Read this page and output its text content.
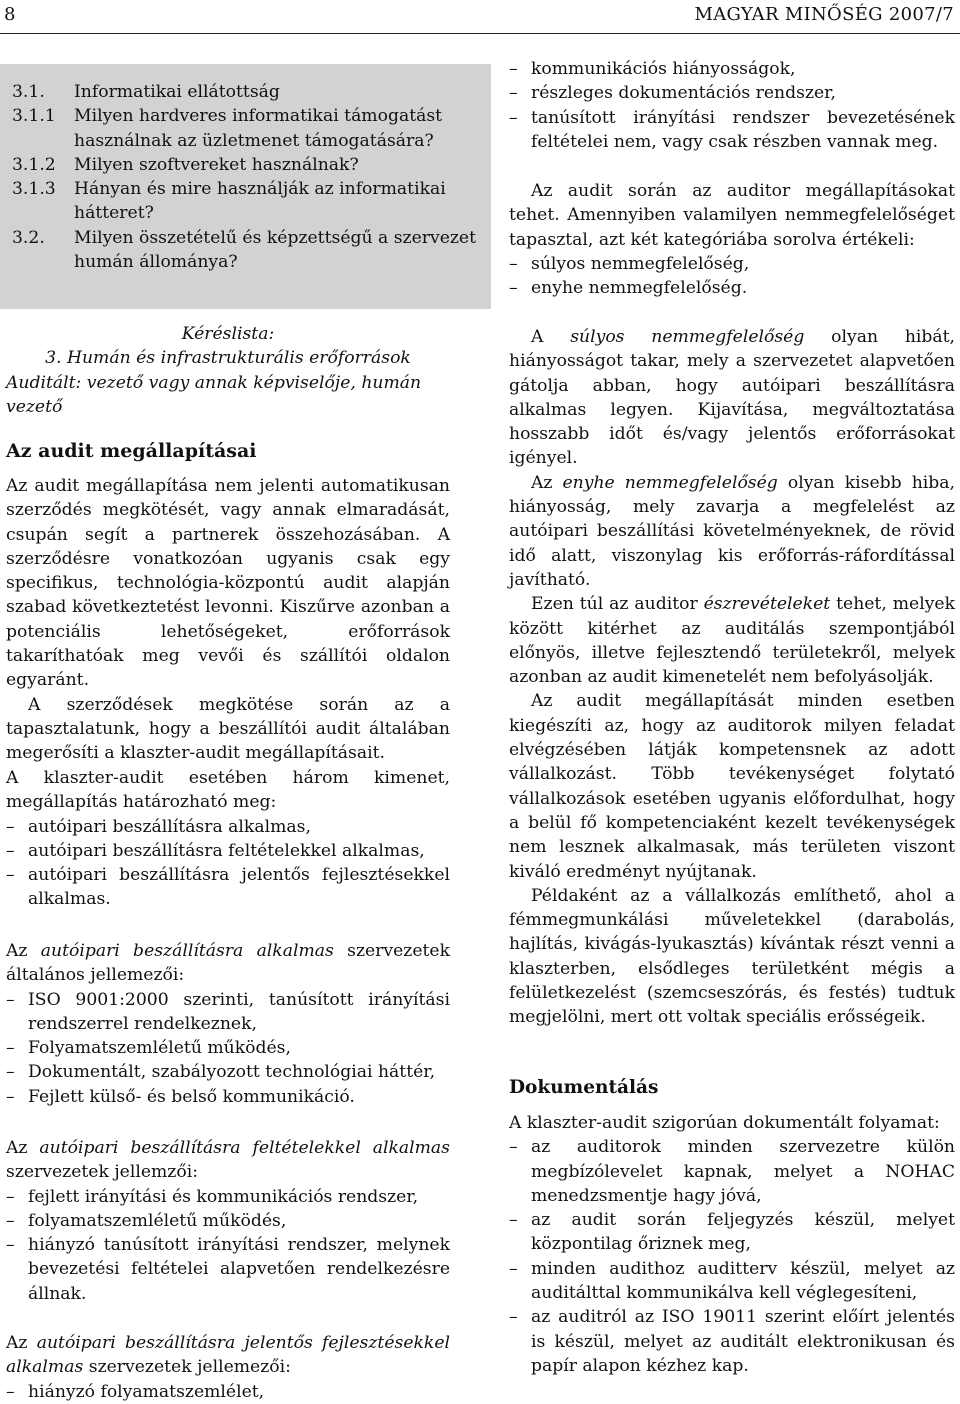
8	MAGYAR MINŐSÉG 2007/7
3.1.	Informatikai ellátottság
3.1.1	Milyen hardveres informatikai támogatást használnak az üzletmenet támogatására?
3.1.2	Milyen szoftvereket használnak?
3.1.3	Hányan és mire használják az informatikai hátteret?
3.2.	Milyen összetételű és képzettségű a szervezet humán állománya?
Kéréslista:
3. Humán és infrastrukturális erőforrások
Auditált: vezető vagy annak képviselője, humán vezető
Az audit megállapításai

Az audit megállapítása nem jelenti automatikusan szerződés megkötését, vagy annak elmaradását, csupán segít a partnerek összehozásában. A szerződésre vonatkozóan ugyanis csak egy specifikus, technológia-központú audit alapján szabad következtetést levonni. Kiszűrve azonban a potenciális lehetőségeket, erőforrások takaríthatóak meg vevői és szállítói oldalon egyaránt.

A szerződések megkötése során az a tapasztalatunk, hogy a beszállítói audit általában megerősíti a klaszter-audit megállapításait.

A klaszter-audit esetében három kimenet, megállapítás határozható meg:

– autóipari beszállításra alkalmas,
– autóipari beszállításra feltételekkel alkalmas,
– autóipari beszállításra jelentős fejlesztésekkel alkalmas.

Az autóipari beszállításra alkalmas szervezetek általános jellemezői:

– ISO 9001:2000 szerinti, tanúsított irányítási rendszerrel rendelkeznek,
– Folyamatszemléletű működés,
– Dokumentált, szabályozott technológiai háttér,
– Fejlett külső- és belső kommunikáció.

Az autóipari beszállításra feltételekkel alkalmas szervezetek jellemzői:

– fejlett irányítási és kommunikációs rendszer,
– folyamatszemléletű működés,
– hiányzó tanúsított irányítási rendszer, melynek bevezetési feltételei alapvetően rendelkezésre állnak.

Az autóipari beszállításra jelentős fejlesztésekkel alkalmas szervezetek jellemezői:

– hiányzó folyamatszemlélet,
– kommunikációs hiányosságok,
– részleges dokumentációs rendszer,
– tanúsított irányítási rendszer bevezetésének feltételei nem, vagy csak részben vannak meg.

Az audit során az auditor megállapításokat tehet. Amennyiben valamilyen nemmegfelelőséget tapasztal, azt két kategóriába sorolva értékeli:

– súlyos nemmegfelelőség,
– enyhe nemmegfelelőség.

A súlyos nemmegfelelőség olyan hibát, hiányosságot takar, mely a szervezetet alapvetően gátolja abban, hogy autóipari beszállításra alkalmas legyen. Kijavítása, megváltoztatása hosszabb időt és/vagy jelentős erőforrásokat igényel.

Az enyhe nemmegfelelőség olyan kisebb hiba, hiányosság, mely zavarja a megfelelést az autóipari beszállítási követelményeknek, de rövid idő alatt, viszonylag kis erőforrás-ráfordítással javítható.

Ezen túl az auditor észrevételeket tehet, melyek között kitérhet az auditálás szempontjából előnyös, illetve fejlesztendő területekről, melyek azonban az audit kimenetelét nem befolyásolják.

Az audit megállapítását minden esetben kiegészíti az, hogy az auditorok milyen feladat elvégzésében látják kompetensnek az adott vállalkozást. Több tevékenységet folytató vállalkozások esetében ugyanis előfordulhat, hogy a belül fő kompetenciaként kezelt tevékenységek nem lesznek alkalmasak, más területen viszont kiváló eredményt nyújtanak.

Példaként az a vállalkozás említhető, ahol a fémmegmunkálási műveletekkel (darabolás, hajlítás, kivágás-lyukasztás) kívántak részt venni a klaszterben, elsődleges területként mégis a felületkezelést (szemcseszórás, és festés) tudtuk megjelölni, mert ott voltak speciális erősségeik.

Dokumentálás

A klaszter-audit szigorúan dokumentált folyamat:

– az auditorok minden szervezetre külön megbízólevelet kapnak, melyet a NOHAC menedzsmentje hagy jóvá,
– az audit során feljegyzés készül, melyet központilag őriznek meg,
– minden audithoz auditterv készül, melyet az auditálttal kommunikálva kell véglegesíteni,
– az auditról az ISO 19011 szerint előírt jelentés is készül, melyet az auditált elektronikusan és papír alapon kézhez kap.
